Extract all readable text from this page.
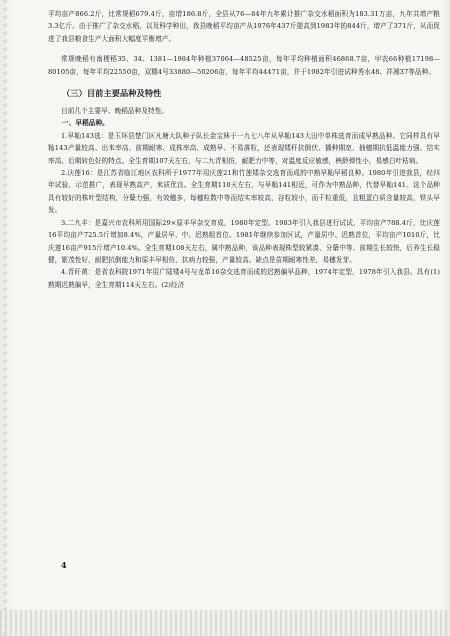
平均亩产866.2斤，比常规稻679.4斤，亩增186.8斤，全县从76—84年九年累计推广杂交水稻面积为183.31万亩，九年共增产粮3.3亿斤。由于推广了杂交水稻，以及科学种田，我县晚稻平均亩产从1976年437斤提高到1983年的844斤，增产了371斤，从而促进了我县粮食生产大面积大幅度平衡增产。

常规晚稻有南梗稻35、34、1381—1984年种植37064—48525亩，每年平均种植面积46868.7亩，甲农66种植17198—80105亩，每年平均22550亩，双糯4号33880—50206亩，每年平均44471亩，并于1982年引进试种秀水48、祥湘37等品种。

（三）目前主要品种及特性

目前几个主要早、晚稻品种及特性。

一、早稻品种。

1.早籼143选：是玉环县楚门区凡塘大队种子队长金宝林于一九七八年从早籼143大田中单株选育而成早熟品种。它同样具有早籼143产量较高、出米率高、前期耐寒、成株率高、成熟早、不易落粒，还表现矮秆抗倒伏、播种期宽、抽穗期抗低温能力强、结实率高、后期转色好的特点。全生育期107天左右，与二九青相仿，耐肥力中等，对温度反应敏感，秧龄弹性小，易感白叶枯病。

2.庆莲16：是江苏省临江地区农科所于1977年用庆莲21和竹莲矮杂交选育而成的中熟早籼早稻良种。1980年引进我县，经四年试验、示范推广，表现早熟高产，米质优良。全生育期110天左右，与早籼141相近，可作为中熟品种，代替早籼141。这个品种具有较好的株叶型结构，分蘖力强，有效穗多，每穗粒数中等而结实率较高，谷粒较小，而千粒重低，且粗蛋白质含量较高，铁头早发。

3.二九丰：是嘉兴市农科所用国际29×原丰早杂交育成，1980年定型。1983年引入我县进行试试，平均亩产788.4斤，比庆莲16平均亩产725.5斤增加8.4%，产量居早、中、迟熟组首位。1981年继续参加区试，产量居中、迟熟首位，平均亩产1010斤，比庆莲16亩产915斤增产10.4%。全生育期108天左右，属中熟品种，该品种表现株型较紧凑、分蘖中等、前期生长较快，后养生长稳健，繁茂性好，耐肥抗倒能力和原丰早相仿，抗病力较强，产量较高。缺点是苗期耐寒性差，易穗发芽。

4.青秆黄：是省农科院1971年用广陆矮4号与龙革16杂交选育而成的迟熟偏早品种，1974年定型，1978年引入我县。具有(1)熟期迟熟偏早，全生育期114天左右。(2)经济

4
